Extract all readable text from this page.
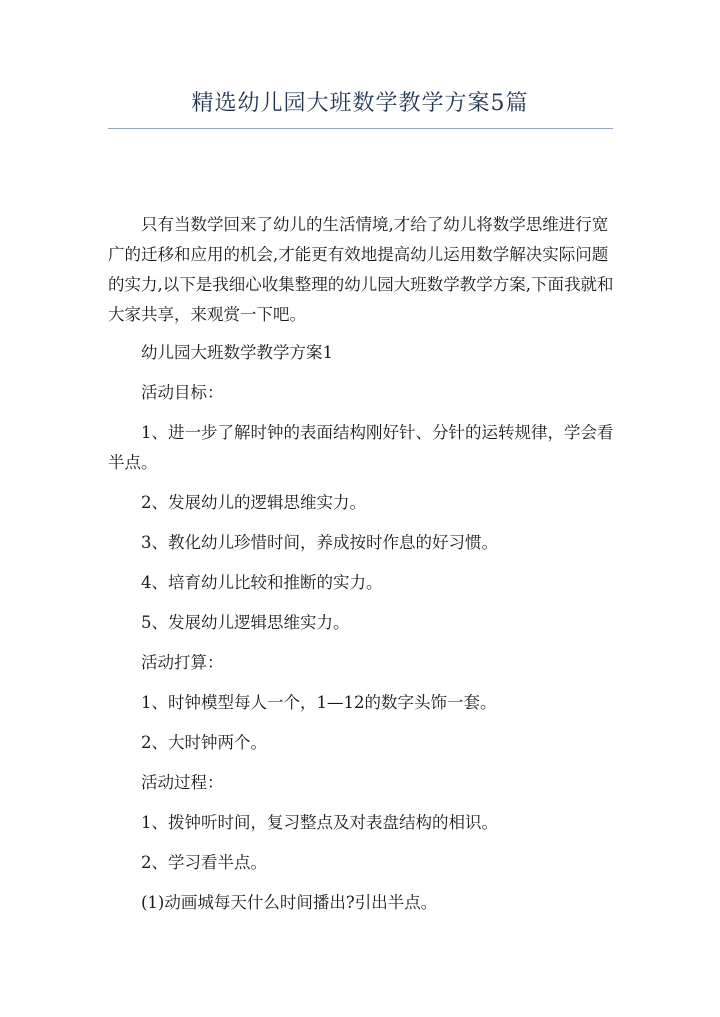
精选幼儿园大班数学教学方案5篇

只有当数学回来了幼儿的生活情境,才给了幼儿将数学思维进行宽广的迁移和应用的机会,才能更有效地提高幼儿运用数学解决实际问题的实力,以下是我细心收集整理的幼儿园大班数学教学方案,下面我就和大家共享，来观赏一下吧。

幼儿园大班数学教学方案1

活动目标：

1、进一步了解时钟的表面结构刚好针、分针的运转规律，学会看半点。

2、发展幼儿的逻辑思维实力。

3、教化幼儿珍惜时间，养成按时作息的好习惯。

4、培育幼儿比较和推断的实力。

5、发展幼儿逻辑思维实力。

活动打算：

1、时钟模型每人一个，1—12的数字头饰一套。

2、大时钟两个。

活动过程：

1、拨钟听时间，复习整点及对表盘结构的相识。

2、学习看半点。

(1)动画城每天什么时间播出?引出半点。
